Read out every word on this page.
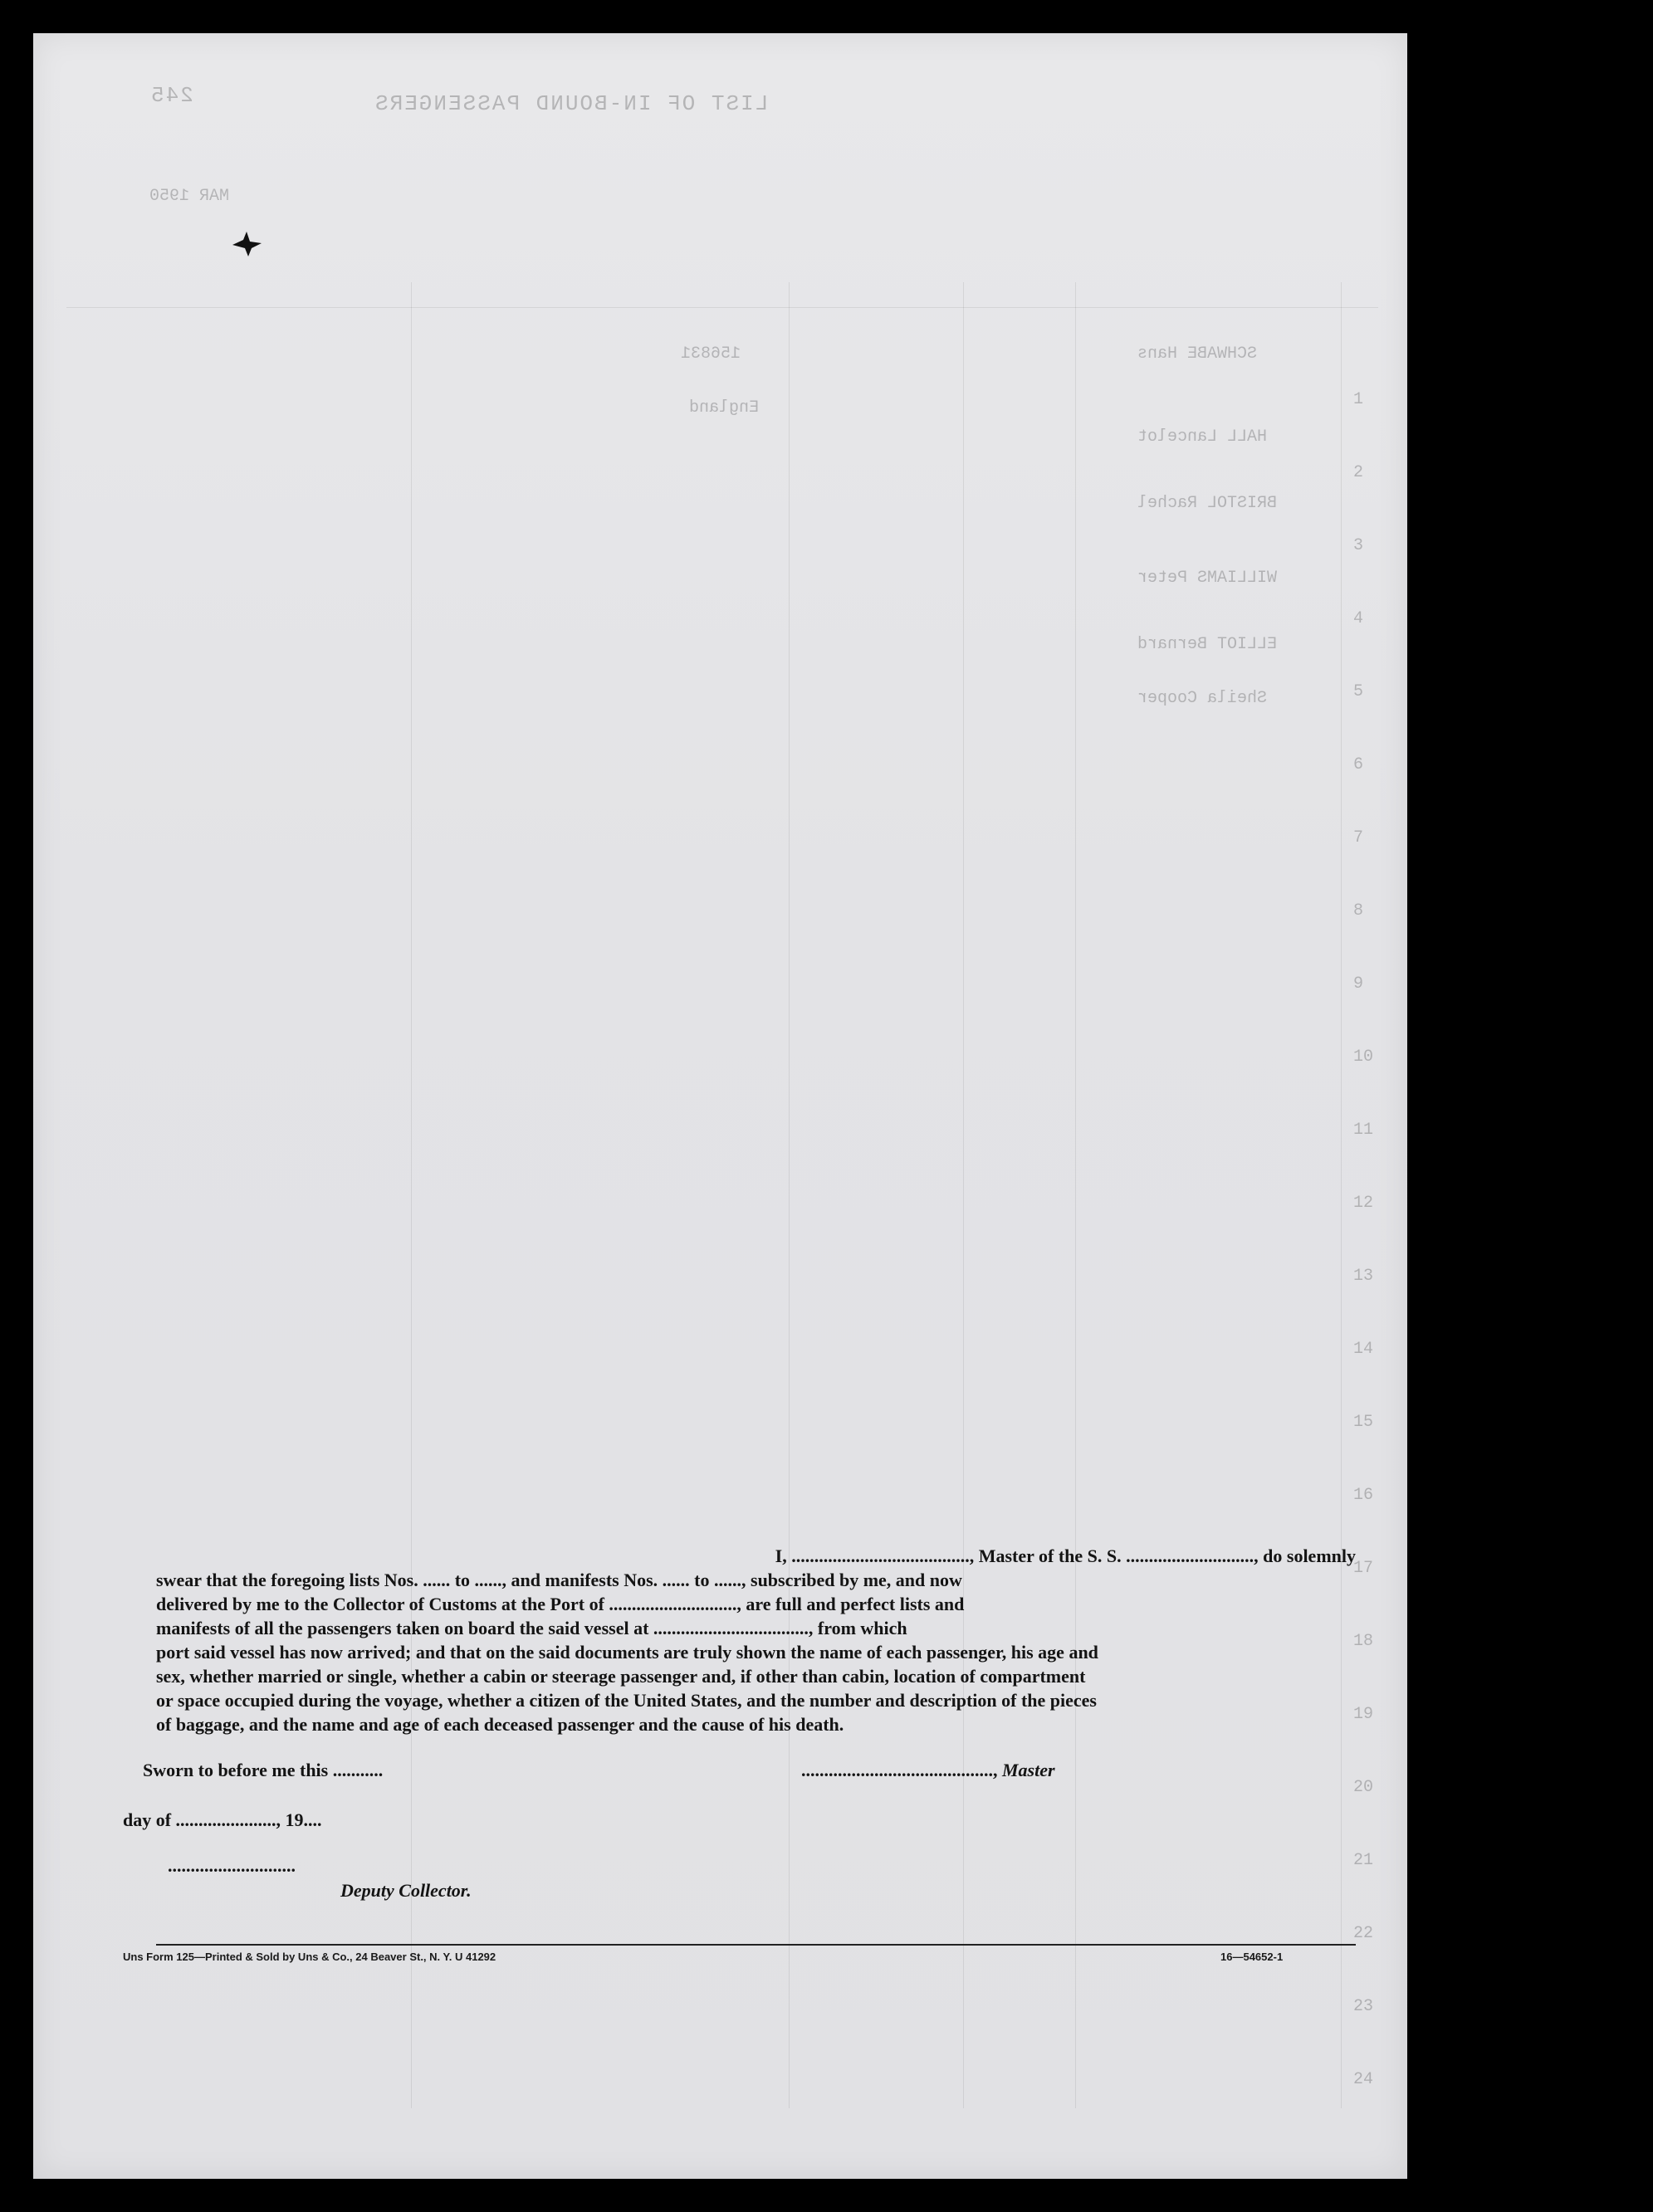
LIST OF IN-BOUND PASSENGERS
245
MAR 1950
SCHWABE Hans
156831
England
HALL Lancelot
BRISTOL Rachel
WILLIAMS Peter
ELLIOT Bernard
Sheila Cooper
1
2
3
4
5
6
7
8
9
10
11
12
13
14
15
16
17
18
19
20
21
22
23
24
I, ......................................., Master of the S. S. ............................, do solemnly
swear that the foregoing lists Nos. ...... to ......, and manifests Nos. ...... to ......, subscribed by me, and now
delivered by me to the Collector of Customs at the Port of ............................, are full and perfect lists and
manifests of all the passengers taken on board the said vessel at .................................., from which
port said vessel has now arrived; and that on the said documents are truly shown the name of each passenger, his age and
sex, whether married or single, whether a cabin or steerage passenger and, if other than cabin, location of compartment
or space occupied during the voyage, whether a citizen of the United States, and the number and description of the pieces
of baggage, and the name and age of each deceased passenger and the cause of his death.
Sworn to before me this ...........	.........................................., Master
day of ......................, 19....
............................
Deputy Collector.
Uns Form 125—Printed & Sold by Uns & Co., 24 Beaver St., N. Y. U 41292	16—54652-1
